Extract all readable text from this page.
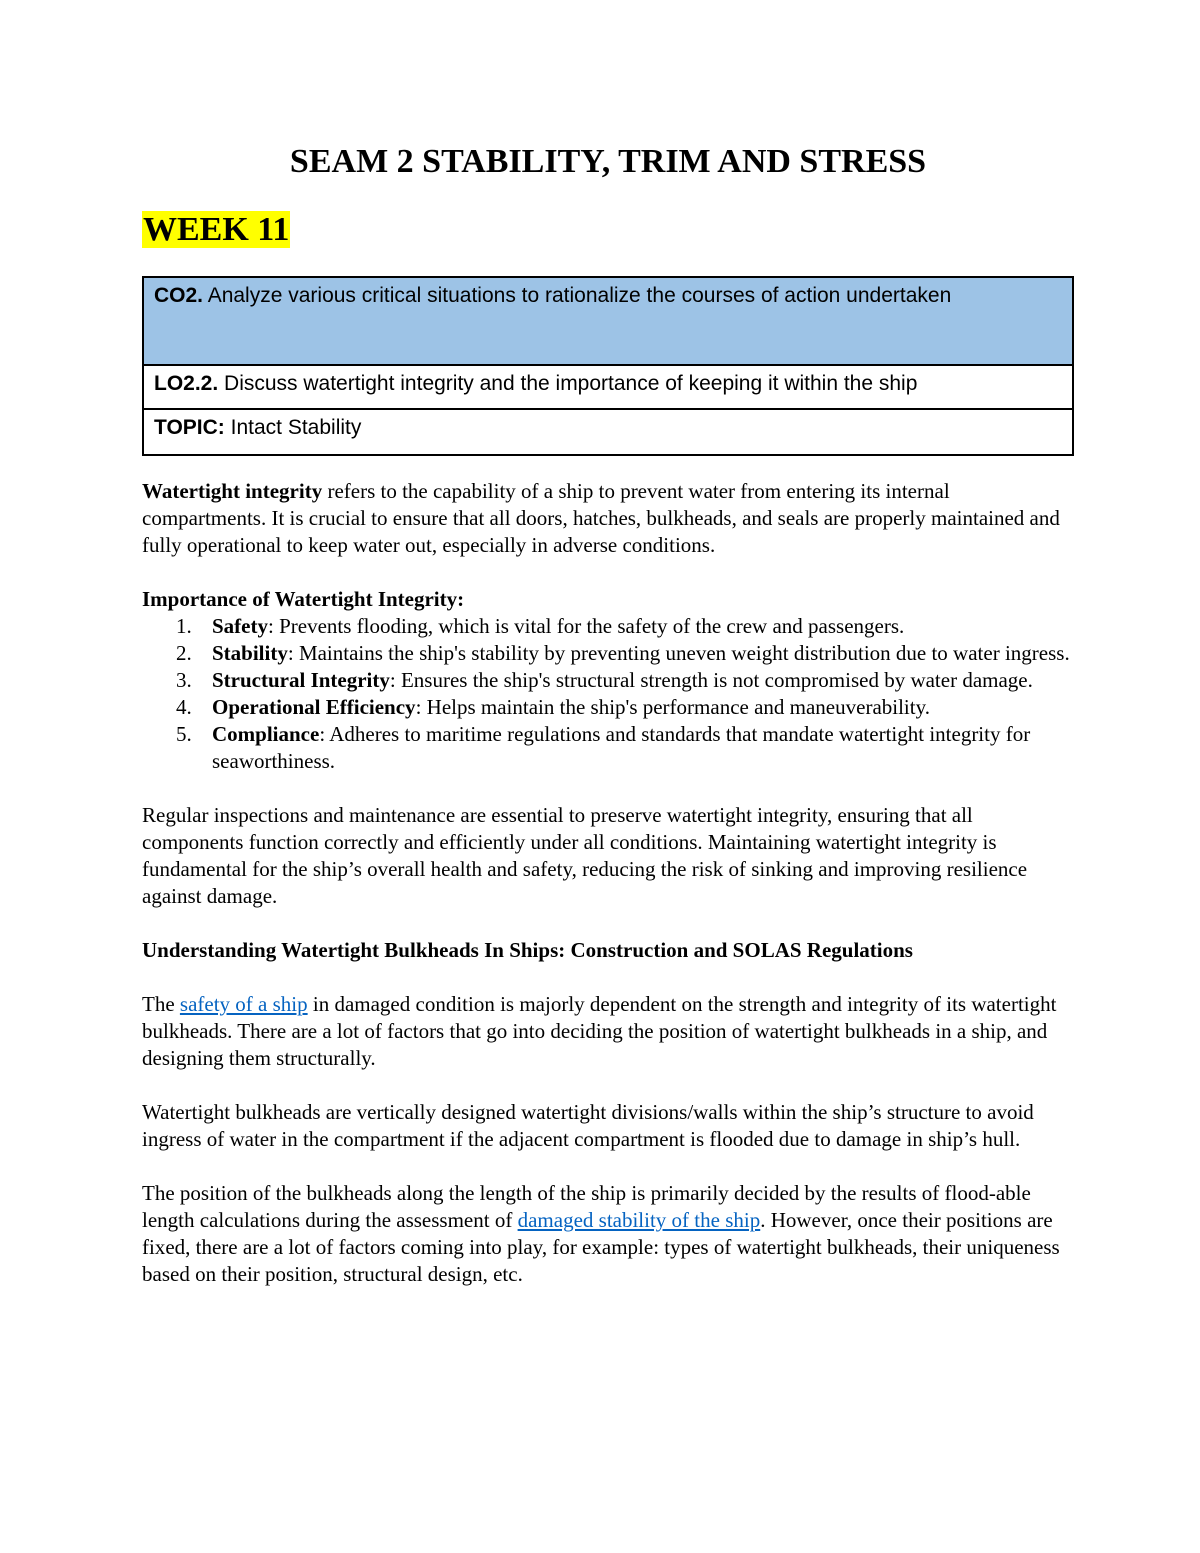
SEAM 2 STABILITY, TRIM AND STRESS
WEEK 11
CO2. Analyze various critical situations to rationalize the courses of action undertaken
LO2.2. Discuss watertight integrity and the importance of keeping it within the ship
TOPIC: Intact Stability

Watertight integrity refers to the capability of a ship to prevent water from entering its internal compartments. It is crucial to ensure that all doors, hatches, bulkheads, and seals are properly maintained and fully operational to keep water out, especially in adverse conditions.

Importance of Watertight Integrity:

1. Safety: Prevents flooding, which is vital for the safety of the crew and passengers.
2. Stability: Maintains the ship's stability by preventing uneven weight distribution due to water ingress.
3. Structural Integrity: Ensures the ship's structural strength is not compromised by water damage.
4. Operational Efficiency: Helps maintain the ship's performance and maneuverability.
5. Compliance: Adheres to maritime regulations and standards that mandate watertight integrity for seaworthiness.

Regular inspections and maintenance are essential to preserve watertight integrity, ensuring that all components function correctly and efficiently under all conditions. Maintaining watertight integrity is fundamental for the ship’s overall health and safety, reducing the risk of sinking and improving resilience against damage.

Understanding Watertight Bulkheads In Ships: Construction and SOLAS Regulations

The safety of a ship in damaged condition is majorly dependent on the strength and integrity of its watertight bulkheads. There are a lot of factors that go into deciding the position of watertight bulkheads in a ship, and designing them structurally.

Watertight bulkheads are vertically designed watertight divisions/walls within the ship’s structure to avoid ingress of water in the compartment if the adjacent compartment is flooded due to damage in ship’s hull.

The position of the bulkheads along the length of the ship is primarily decided by the results of flood-able length calculations during the assessment of damaged stability of the ship. However, once their positions are fixed, there are a lot of factors coming into play, for example: types of watertight bulkheads, their uniqueness based on their position, structural design, etc.
